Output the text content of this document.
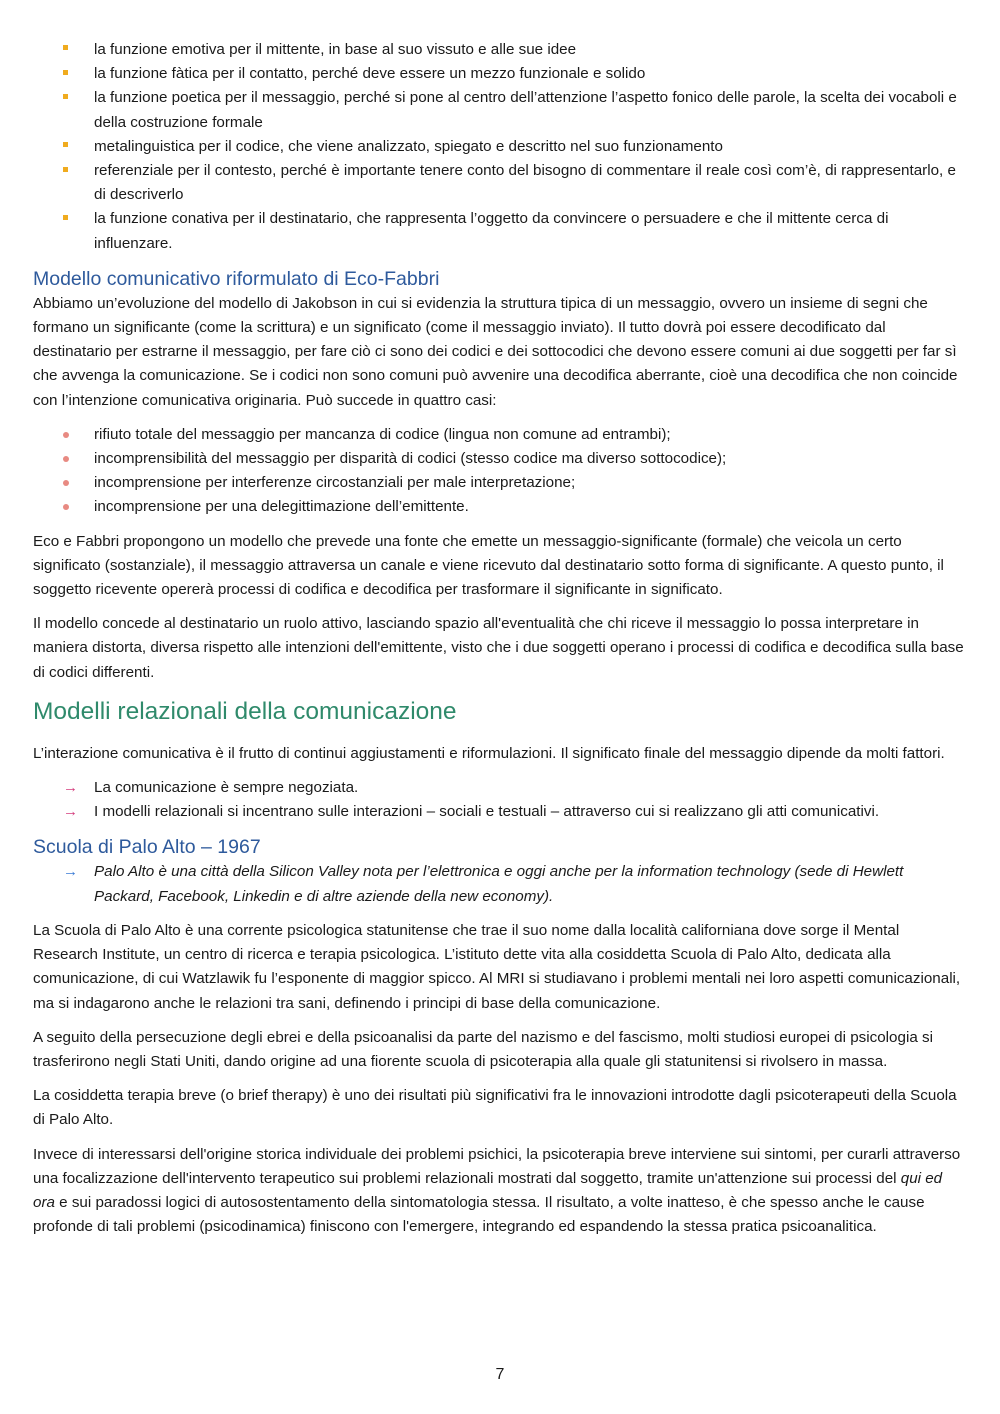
la funzione emotiva per il mittente, in base al suo vissuto e alle sue idee
la funzione fàtica per il contatto, perché deve essere un mezzo funzionale e solido
la funzione poetica per il messaggio, perché si pone al centro dell’attenzione l’aspetto fonico delle parole, la scelta dei vocaboli e della costruzione formale
metalinguistica per il codice, che viene analizzato, spiegato e descritto nel suo funzionamento
referenziale per il contesto, perché è importante tenere conto del bisogno di commentare il reale così com’è, di rappresentarlo, e di descriverlo
la funzione conativa per il destinatario, che rappresenta l’oggetto da convincere o persuadere e che il mittente cerca di influenzare.
Modello comunicativo riformulato di Eco-Fabbri

Abbiamo un’evoluzione del modello di Jakobson in cui si evidenzia la struttura tipica di un messaggio, ovvero un insieme di segni che formano un significante (come la scrittura) e un significato (come il messaggio inviato). Il tutto dovrà poi essere decodificato dal destinatario per estrarne il messaggio, per fare ciò ci sono dei codici e dei sottocodici che devono essere comuni ai due soggetti per far sì che avvenga la comunicazione. Se i codici non sono comuni può avvenire una decodifica aberrante, cioè una decodifica che non coincide con l’intenzione comunicativa originaria. Può succede in quattro casi:

rifiuto totale del messaggio per mancanza di codice (lingua non comune ad entrambi);
incomprensibilità del messaggio per disparità di codici (stesso codice ma diverso sottocodice);
incomprensione per interferenze circostanziali per male interpretazione;
incomprensione per una delegittimazione dell’emittente.

Eco e Fabbri propongono un modello che prevede una fonte che emette un messaggio-significante (formale) che veicola un certo significato (sostanziale), il messaggio attraversa un canale e viene ricevuto dal destinatario sotto forma di significante. A questo punto, il soggetto ricevente opererà processi di codifica e decodifica per trasformare il significante in significato.

Il modello concede al destinatario un ruolo attivo, lasciando spazio all'eventualità che chi riceve il messaggio lo possa interpretare in maniera distorta, diversa rispetto alle intenzioni dell'emittente, visto che i due soggetti operano i processi di codifica e decodifica sulla base di codici differenti.

Modelli relazionali della comunicazione

L’interazione comunicativa è il frutto di continui aggiustamenti e riformulazioni. Il significato finale del messaggio dipende da molti fattori.

→ La comunicazione è sempre negoziata.
→ I modelli relazionali si incentrano sulle interazioni – sociali e testuali – attraverso cui si realizzano gli atti comunicativi.
Scuola di Palo Alto – 1967
→ Palo Alto è una città della Silicon Valley nota per l’elettronica e oggi anche per la information technology (sede di Hewlett Packard, Facebook, Linkedin e di altre aziende della new economy).

La Scuola di Palo Alto è una corrente psicologica statunitense che trae il suo nome dalla località californiana dove sorge il Mental Research Institute, un centro di ricerca e terapia psicologica. L’istituto dette vita alla cosiddetta Scuola di Palo Alto, dedicata alla comunicazione, di cui Watzlawik fu l’esponente di maggior spicco. Al MRI si studiavano i problemi mentali nei loro aspetti comunicazionali, ma si indagarono anche le relazioni tra sani, definendo i principi di base della comunicazione.

A seguito della persecuzione degli ebrei e della psicoanalisi da parte del nazismo e del fascismo, molti studiosi europei di psicologia si trasferirono negli Stati Uniti, dando origine ad una fiorente scuola di psicoterapia alla quale gli statunitensi si rivolsero in massa.

La cosiddetta terapia breve (o brief therapy) è uno dei risultati più significativi fra le innovazioni introdotte dagli psicoterapeuti della Scuola di Palo Alto.

Invece di interessarsi dell'origine storica individuale dei problemi psichici, la psicoterapia breve interviene sui sintomi, per curarli attraverso una focalizzazione dell'intervento terapeutico sui problemi relazionali mostrati dal soggetto, tramite un'attenzione sui processi del qui ed ora e sui paradossi logici di autosostentamento della sintomatologia stessa. Il risultato, a volte inatteso, è che spesso anche le cause profonde di tali problemi (psicodinamica) finiscono con l'emergere, integrando ed espandendo la stessa pratica psicoanalitica.

7
